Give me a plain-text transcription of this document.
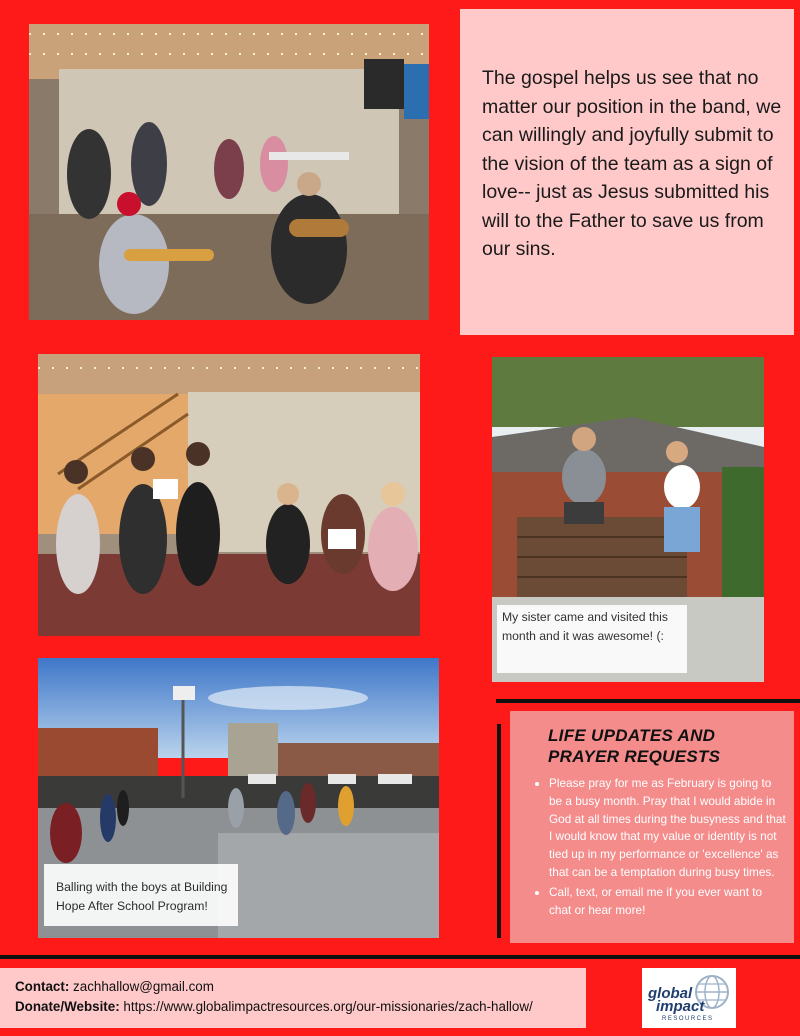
The gospel helps us see that no matter our position in the band, we can willingly and joyfully submit to the vision of the team as a sign of love-- just as Jesus submitted his will to the Father to save us from our sins.

My sister came and visited this month and it was awesome! (:
Balling with the boys at Building Hope After School Program!
LIFE UPDATES AND PRAYER REQUESTS
• Please pray for me as February is going to be a busy month. Pray that I would abide in God at all times during the busyness and that I would know that my value or identity is not tied up in my performance or 'excellence' as that can be a temptation during busy times.
• Call, text, or email me if you ever want to chat or hear more!
Contact: zachhallow@gmail.com
Donate/Website: https://www.globalimpactresources.org/our-missionaries/zach-hallow/
global
impact
RESOURCES
